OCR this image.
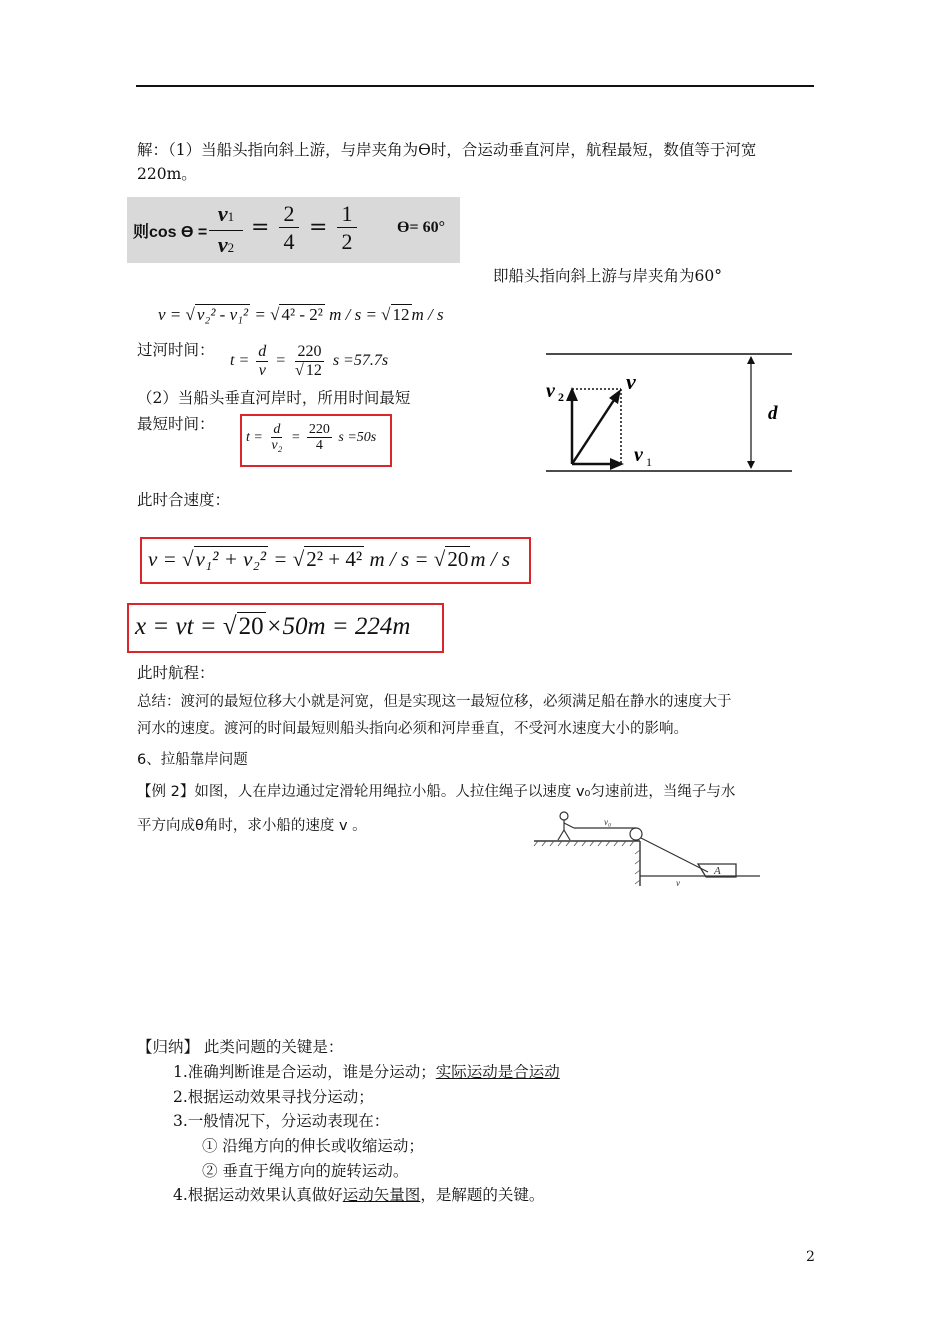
解：（1）当船头指向斜上游，与岸夹角为ϴ时，合运动垂直河岸，航程最短，数值等于河宽
220m。
则cos ϴ =
v1
v2
=
2
4
=
1
2
ϴ= 60°
即船头指向斜上游与岸夹角为60°
v = √ v₂² - v₁² = √ 4² - 2² m / s = √ 12 m / s
过河时间：
$t = \frac{d}{v} = \frac{220}{√ 12}$ s =57.7s
（2）当船头垂直河岸时，所用时间最短
最短时间：
$t = \frac{d}{\text{v₂}} = \frac{220}{4}$ s =50s
v
v 2
v 1
d
此时合速度：
v = √v₁² + v₂² = √2² + 4² m / s = √20m / s
x = vt = √20×50m = 224m
此时航程：
总结：渡河的最短位移大小就是河宽，但是实现这一最短位移，必须满足船在静水的速度大于
河水的速度。渡河的时间最短则船头指向必须和河岸垂直，不受河水速度大小的影响。
6、拉船靠岸问题
【例 2】如图，人在岸边通过定滑轮用绳拉小船。人拉住绳子以速度 v₀匀速前进，当绳子与水
平方向成θ角时，求小船的速度 v 。	v₀
A
v
【归纳】 此类问题的关键是：
1.准确判断谁是合运动，谁是分运动；实际运动是合运动
2.根据运动效果寻找分运动；
3.一般情况下，分运动表现在：
① 沿绳方向的伸长或收缩运动；
② 垂直于绳方向的旋转运动。
4.根据运动效果认真做好运动矢量图，是解题的关键。
2
